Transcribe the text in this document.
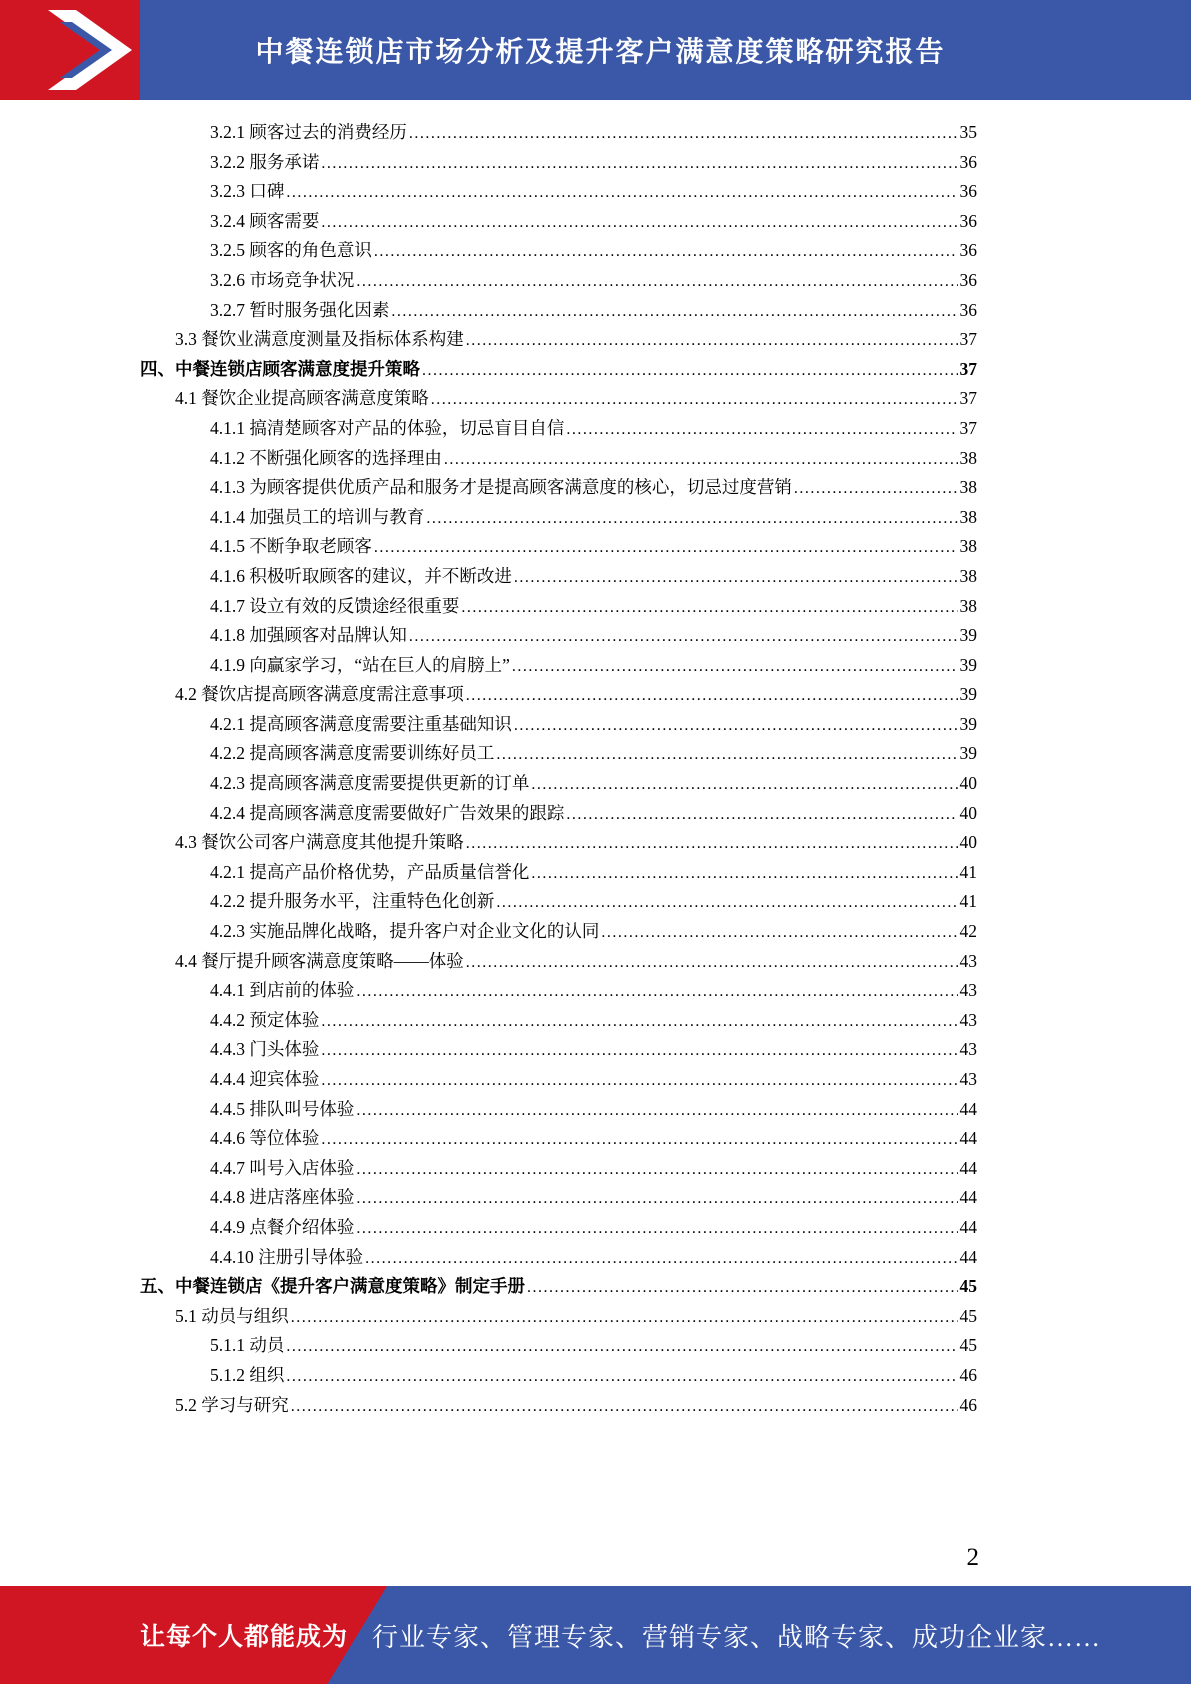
中餐连锁店市场分析及提升客户满意度策略研究报告
3.2.1 顾客过去的消费经历 .....	35
3.2.2 服务承诺 .....	36
3.2.3 口碑 .....	36
3.2.4 顾客需要 .....	36
3.2.5 顾客的角色意识 .....	36
3.2.6 市场竞争状况 .....	36
3.2.7 暂时服务强化因素 .....	36
3.3 餐饮业满意度测量及指标体系构建 .....	37
四、中餐连锁店顾客满意度提升策略 .....	37
4.1 餐饮企业提高顾客满意度策略 .....	37
4.1.1 搞清楚顾客对产品的体验，切忌盲目自信 .....	37
4.1.2 不断强化顾客的选择理由 .....	38
4.1.3 为顾客提供优质产品和服务才是提高顾客满意度的核心，切忌过度营销 .....	38
4.1.4 加强员工的培训与教育 .....	38
4.1.5 不断争取老顾客 .....	38
4.1.6 积极听取顾客的建议，并不断改进 .....	38
4.1.7 设立有效的反馈途经很重要 .....	38
4.1.8 加强顾客对品牌认知 .....	39
4.1.9 向赢家学习，“站在巨人的肩膀上” .....	39
4.2 餐饮店提高顾客满意度需注意事项 .....	39
4.2.1 提高顾客满意度需要注重基础知识 .....	39
4.2.2 提高顾客满意度需要训练好员工 .....	39
4.2.3 提高顾客满意度需要提供更新的订单 .....	40
4.2.4 提高顾客满意度需要做好广告效果的跟踪 .....	40
4.3 餐饮公司客户满意度其他提升策略 .....	40
4.2.1 提高产品价格优势，产品质量信誉化 .....	41
4.2.2 提升服务水平，注重特色化创新 .....	41
4.2.3 实施品牌化战略，提升客户对企业文化的认同 .....	42
4.4 餐厅提升顾客满意度策略——体验 .....	43
4.4.1 到店前的体验 .....	43
4.4.2 预定体验 .....	43
4.4.3 门头体验 .....	43
4.4.4 迎宾体验 .....	43
4.4.5 排队叫号体验 .....	44
4.4.6 等位体验 .....	44
4.4.7 叫号入店体验 .....	44
4.4.8 进店落座体验 .....	44
4.4.9 点餐介绍体验 .....	44
4.4.10 注册引导体验 .....	44
五、中餐连锁店《提升客户满意度策略》制定手册 .....	45
5.1 动员与组织 .....	45
5.1.1 动员 .....	45
5.1.2 组织 .....	46
5.2 学习与研究 .....	46
2
让每个人都能成为 行业专家、管理专家、营销专家、战略专家、成功企业家……
